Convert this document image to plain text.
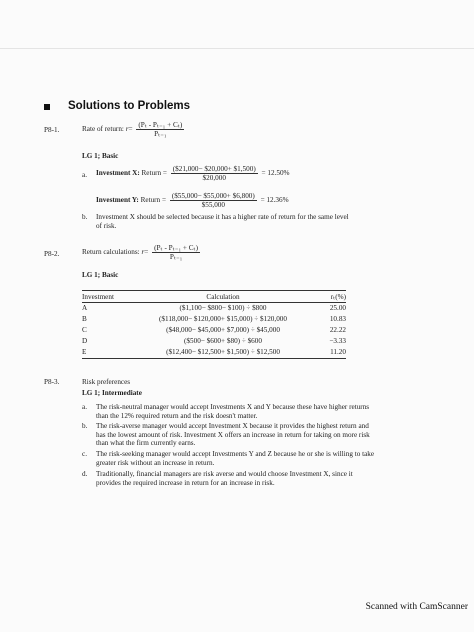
Solutions to Problems
P8-1.	Rate of return: $r= \frac{\text{(Pₜ - Pₜ₋₁ + Cₜ)}}{\text{Pₜ₋₁}}$
LG 1; Basic
a. Investment X: Return = $\frac{(\$21,000- \$20,000+ \$1,500)}{\$20,000} = 12.50\%$
Investment Y: Return = $\frac{(\$55,000- \$55,000+ \$6,800)}{\$55,000} = 12.36\%$
b. Investment X should be selected because it has a higher rate of return for the same level
of risk.
P8-2.	Return calculations: $r= \frac{\text{(Pₜ - Pₜ₋₁ + Cₜ)}}{\text{Pₜ₋₁}}$
LG 1; Basic
Investment	Calculation	rₜ(%)
A	($1,100− $800− $100) ÷ $800	25.00
B	($118,000− $120,000+ $15,000) ÷ $120,000	10.83
C	($48,000− $45,000+ $7,000) ÷ $45,000	22.22
D	($500− $600+ $80) ÷ $600	−3.33
E	($12,400− $12,500+ $1,500) ÷ $12,500	11.20
P8-3.	Risk preferences
LG 1; Intermediate
a. The risk-neutral manager would accept Investments X and Y because these have higher returns than the 12% required return and the risk doesn't matter.
b. The risk-averse manager would accept Investment X because it provides the highest return and has the lowest amount of risk. Investment X offers an increase in return for taking on more risk than what the firm currently earns.
c. The risk-seeking manager would accept Investments Y and Z because he or she is willing to take greater risk without an increase in return.
d. Traditionally, financial managers are risk averse and would choose Investment X, since it provides the required increase in return for an increase in risk.
Scanned with CamScanner
